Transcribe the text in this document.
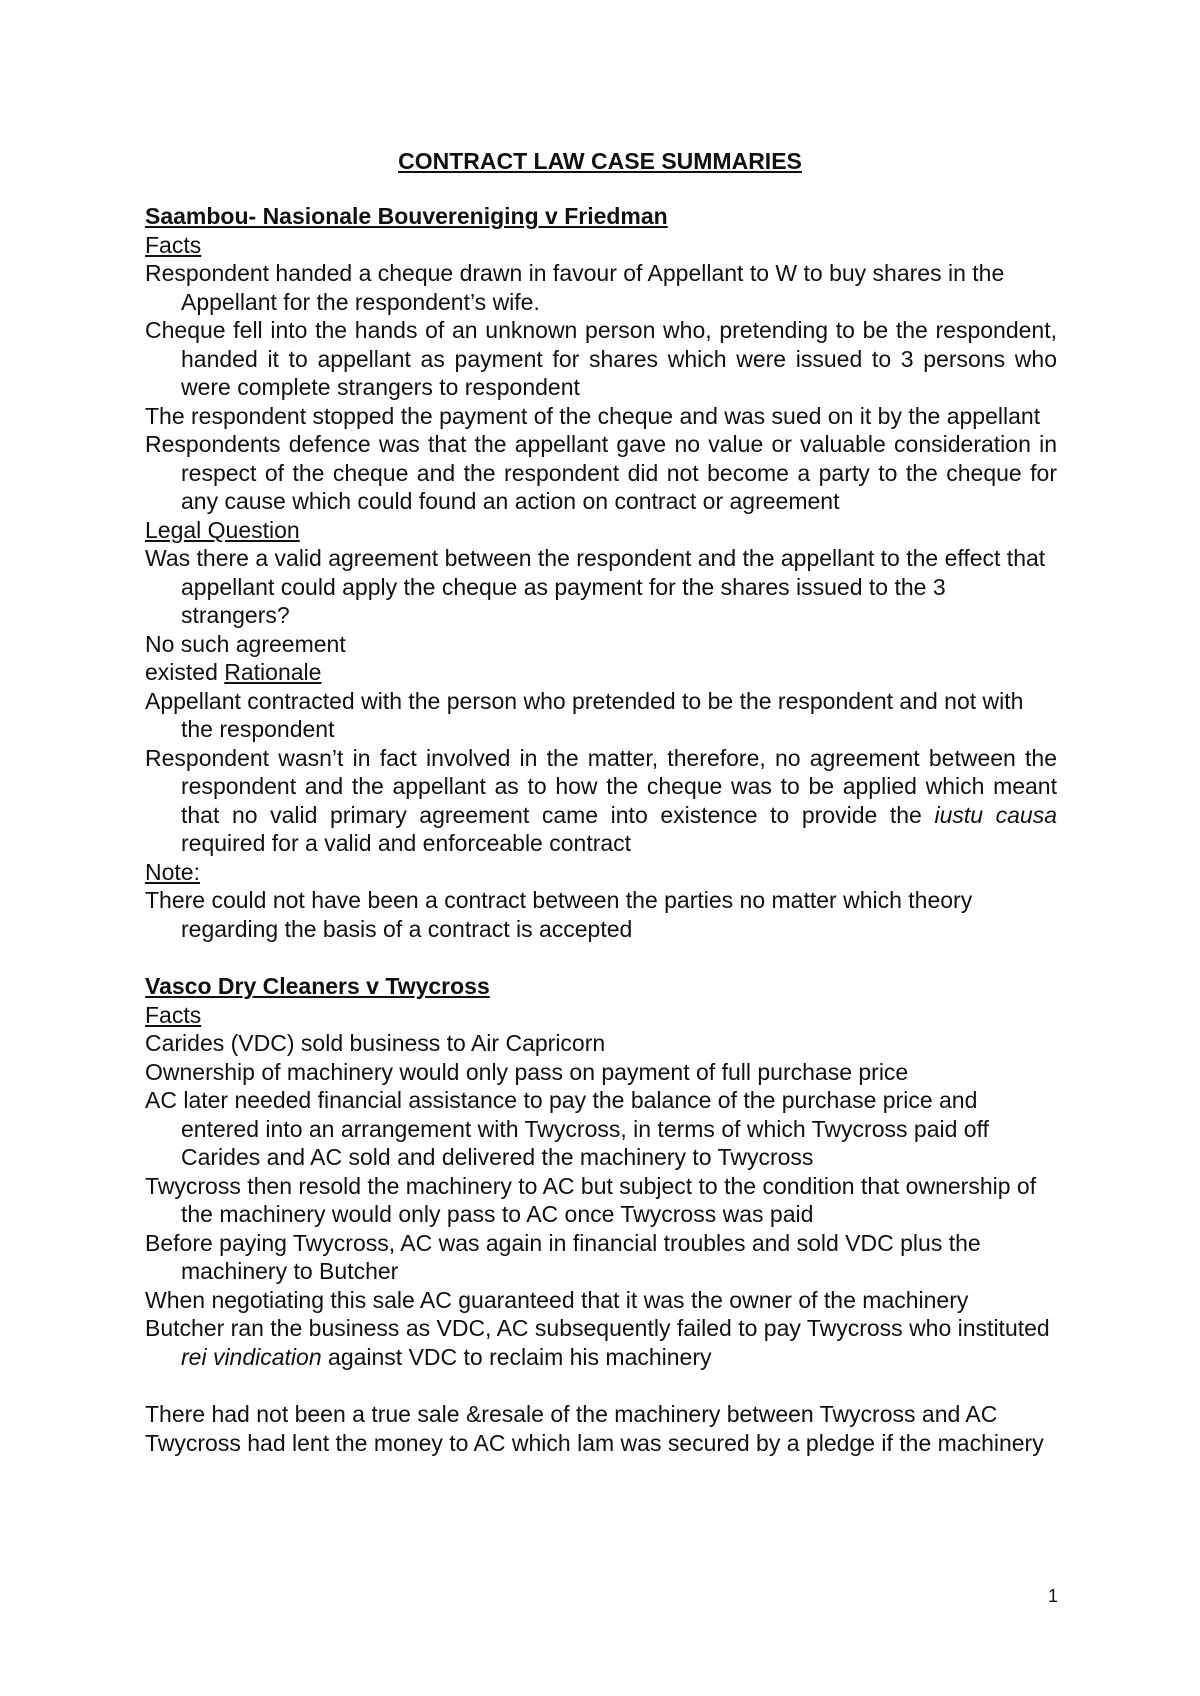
CONTRACT LAW CASE SUMMARIES
Saambou- Nasionale Bouvereniging v Friedman
Facts
Respondent handed a cheque drawn in favour of Appellant to W to buy shares in the Appellant for the respondent’s wife.
Cheque fell into the hands of an unknown person who, pretending to be the respondent, handed it to appellant as payment for shares which were issued to 3 persons who were complete strangers to respondent
The respondent stopped the payment of the cheque and was sued on it by the appellant
Respondents defence was that the appellant gave no value or valuable consideration in respect of the cheque and the respondent did not become a party to the cheque for any cause which could found an action on contract or agreement
Legal Question
Was there a valid agreement between the respondent and the appellant to the effect that appellant could apply the cheque as payment for the shares issued to the 3 strangers?
No such agreement
existed Rationale
Appellant contracted with the person who pretended to be the respondent and not with the respondent
Respondent wasn’t in fact involved in the matter, therefore, no agreement between the respondent and the appellant as to how the cheque was to be applied which meant that no valid primary agreement came into existence to provide the iustu causa required for a valid and enforceable contract
Note:
There could not have been a contract between the parties no matter which theory regarding the basis of a contract is accepted
Vasco Dry Cleaners v Twycross
Facts
Carides (VDC) sold business to Air Capricorn
Ownership of machinery would only pass on payment of full purchase price
AC later needed financial assistance to pay the balance of the purchase price and entered into an arrangement with Twycross, in terms of which Twycross paid off Carides and AC sold and delivered the machinery to Twycross
Twycross then resold the machinery to AC but subject to the condition that ownership of the machinery would only pass to AC once Twycross was paid
Before paying Twycross, AC was again in financial troubles and sold VDC plus the machinery to Butcher
When negotiating this sale AC guaranteed that it was the owner of the machinery
Butcher ran the business as VDC, AC subsequently failed to pay Twycross who instituted rei vindication against VDC to reclaim his machinery
There had not been a true sale &resale of the machinery between Twycross and AC
Twycross had lent the money to AC which lam was secured by a pledge if the machinery
1
